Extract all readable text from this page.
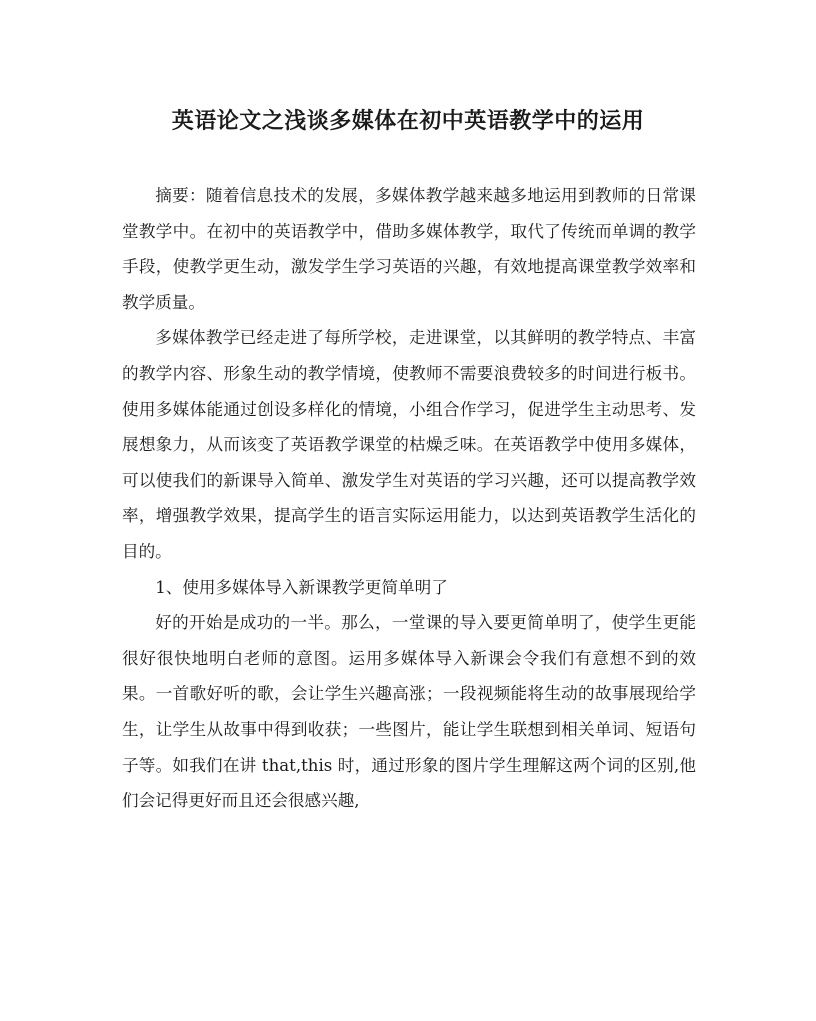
英语论文之浅谈多媒体在初中英语教学中的运用

摘要：随着信息技术的发展，多媒体教学越来越多地运用到教师的日常课堂教学中。在初中的英语教学中，借助多媒体教学，取代了传统而单调的教学手段，使教学更生动，激发学生学习英语的兴趣，有效地提高课堂教学效率和教学质量。

多媒体教学已经走进了每所学校，走进课堂，以其鲜明的教学特点、丰富的教学内容、形象生动的教学情境，使教师不需要浪费较多的时间进行板书。使用多媒体能通过创设多样化的情境，小组合作学习，促进学生主动思考、发展想象力，从而该变了英语教学课堂的枯燥乏味。在英语教学中使用多媒体，可以使我们的新课导入简单、激发学生对英语的学习兴趣，还可以提高教学效率，增强教学效果，提高学生的语言实际运用能力，以达到英语教学生活化的目的。

1、使用多媒体导入新课教学更简单明了

好的开始是成功的一半。那么，一堂课的导入要更简单明了，使学生更能很好很快地明白老师的意图。运用多媒体导入新课会令我们有意想不到的效果。一首歌好听的歌，会让学生兴趣高涨；一段视频能将生动的故事展现给学生，让学生从故事中得到收获；一些图片，能让学生联想到相关单词、短语句子等。如我们在讲 that,this 时，通过形象的图片学生理解这两个词的区别,他们会记得更好而且还会很感兴趣,
